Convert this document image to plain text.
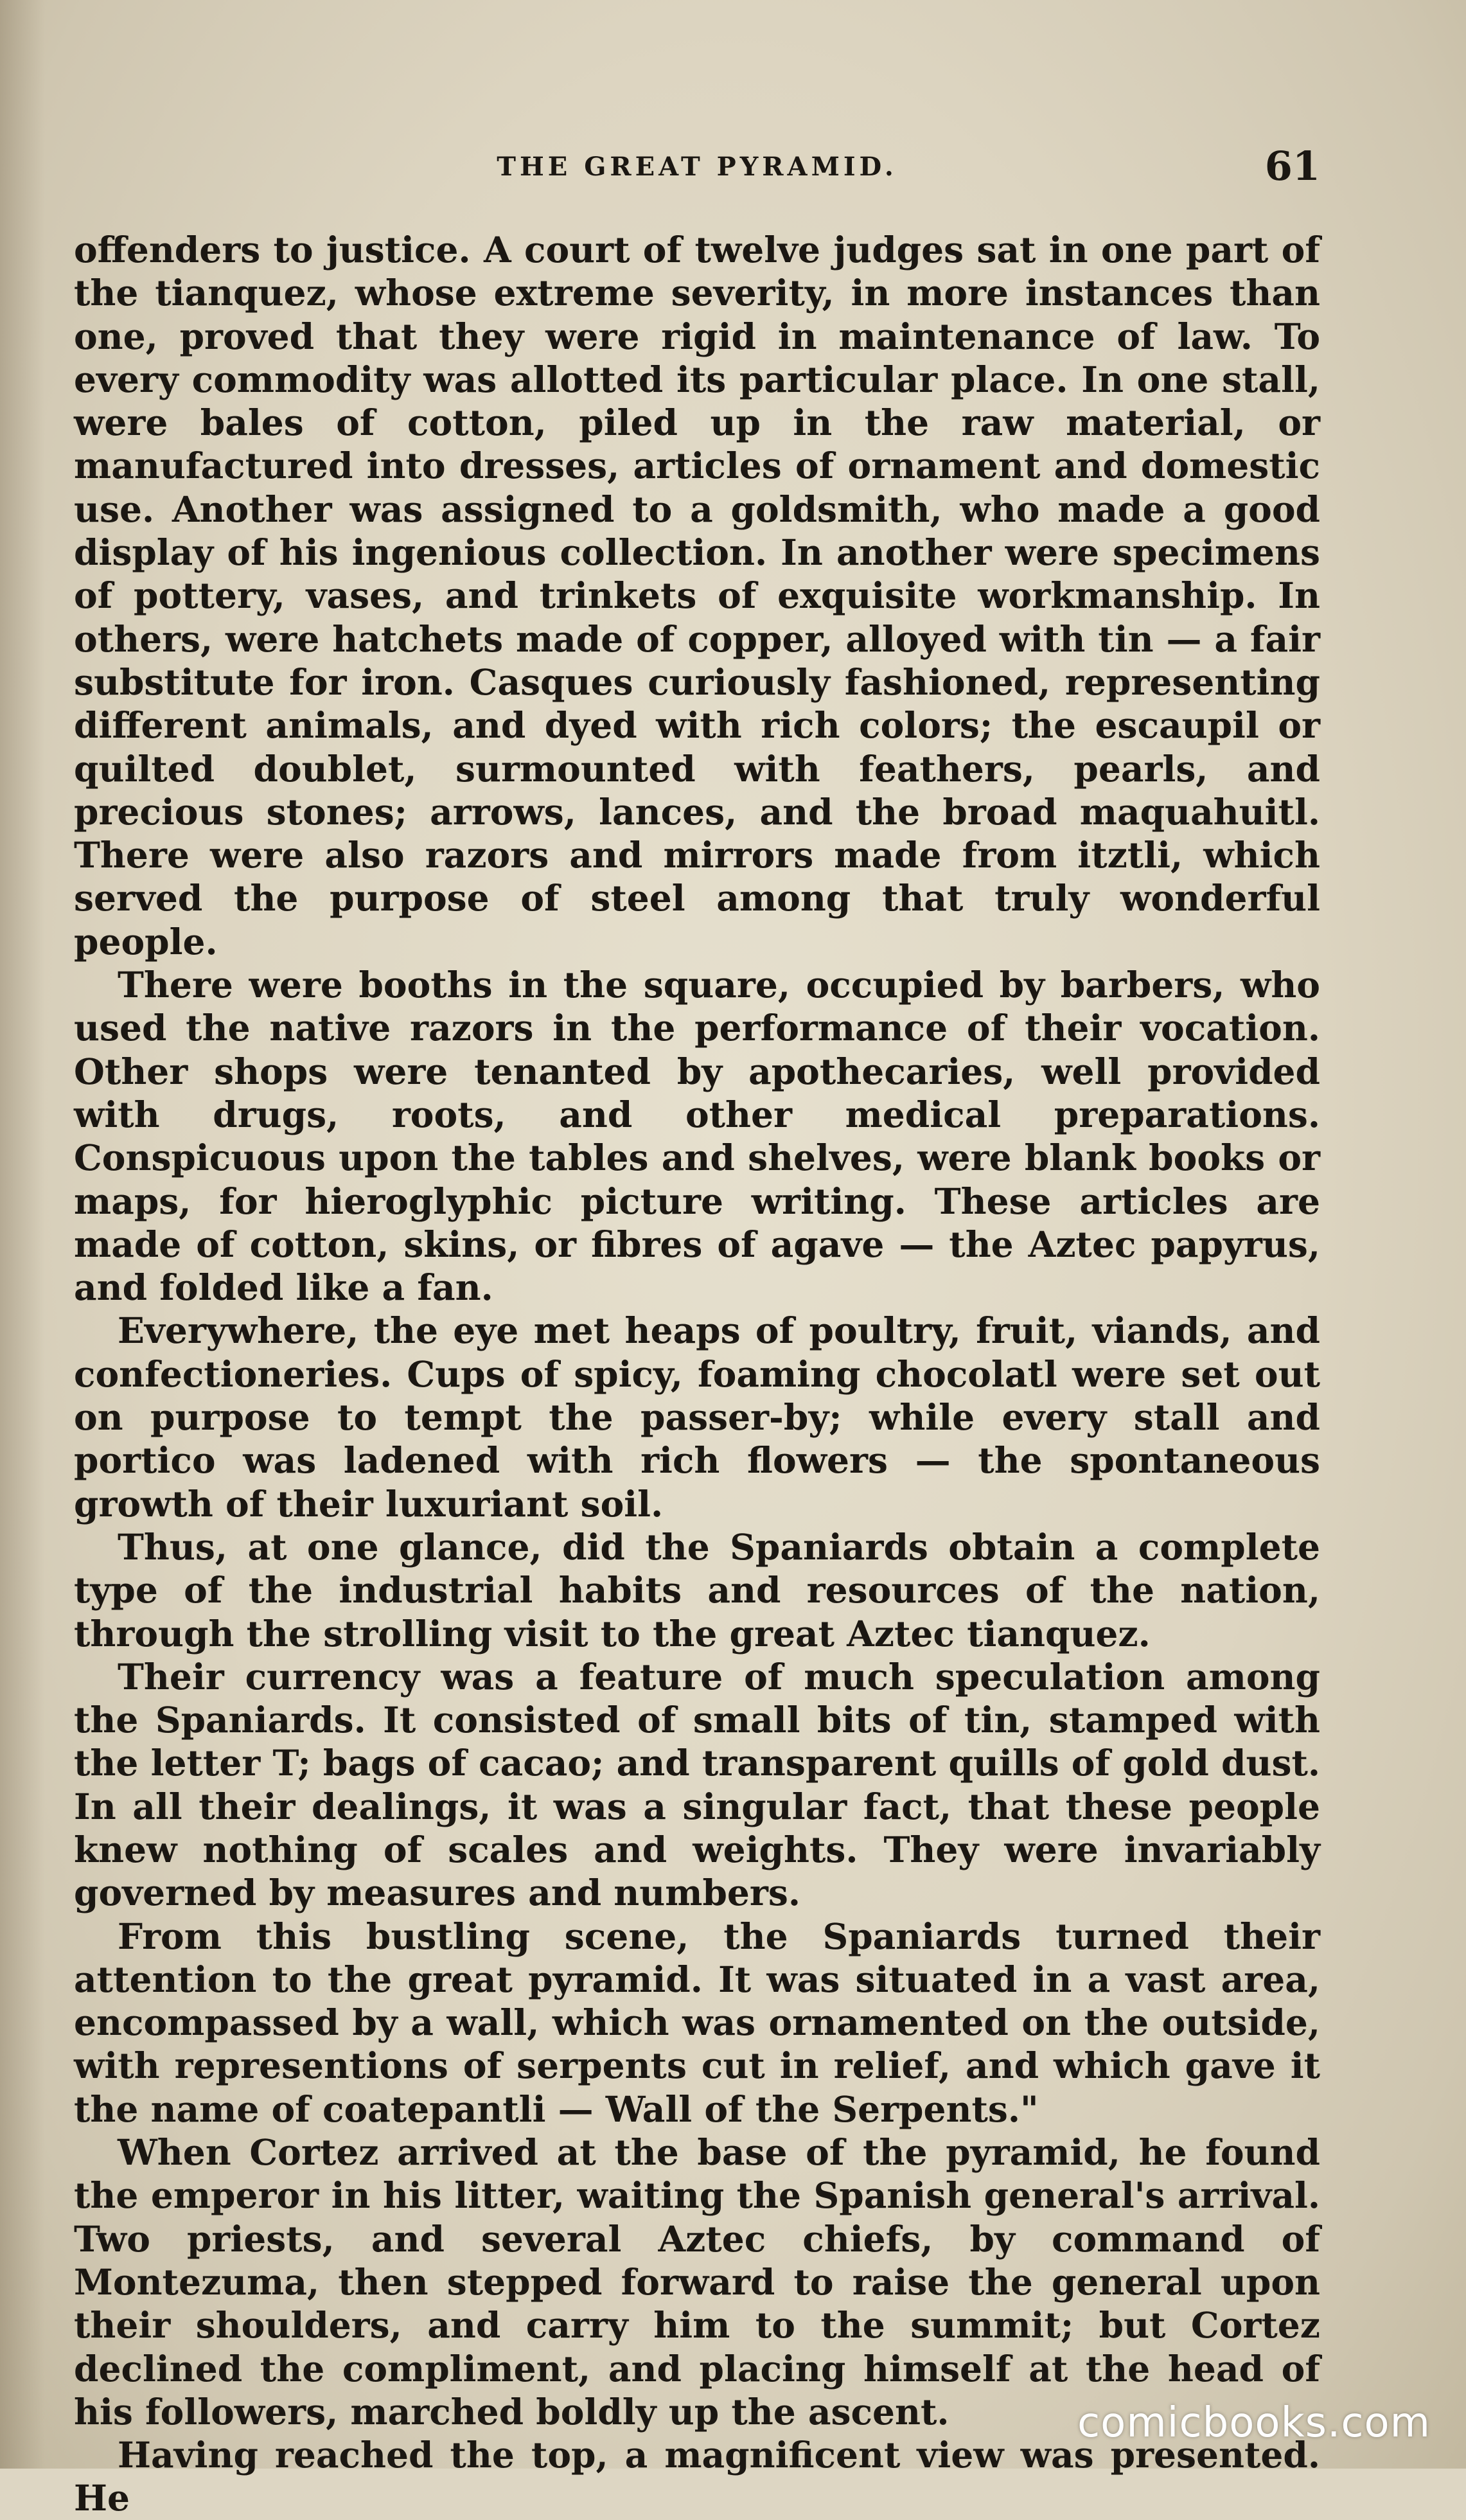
THE GREAT PYRAMID.	61

offenders to justice. A court of twelve judges sat in one part of the tianquez, whose extreme severity, in more instances than one, proved that they were rigid in maintenance of law. To every commodity was allotted its particular place. In one stall, were bales of cotton, piled up in the raw material, or manufactured into dresses, articles of ornament and domestic use. Another was assigned to a goldsmith, who made a good display of his ingenious collection. In another were specimens of pottery, vases, and trinkets of exquisite workmanship. In others, were hatchets made of copper, alloyed with tin — a fair substitute for iron. Casques curiously fashioned, representing different animals, and dyed with rich colors; the escaupil or quilted doublet, surmounted with feathers, pearls, and precious stones; arrows, lances, and the broad maquahuitl. There were also razors and mirrors made from itztli, which served the purpose of steel among that truly wonderful people.

There were booths in the square, occupied by barbers, who used the native razors in the performance of their vocation. Other shops were tenanted by apothecaries, well provided with drugs, roots, and other medical preparations. Conspicuous upon the tables and shelves, were blank books or maps, for hieroglyphic picture writing. These articles are made of cotton, skins, or fibres of agave — the Aztec papyrus, and folded like a fan.

Everywhere, the eye met heaps of poultry, fruit, viands, and confectioneries. Cups of spicy, foaming chocolatl were set out on purpose to tempt the passer-by; while every stall and portico was ladened with rich flowers — the spontaneous growth of their luxuriant soil.

Thus, at one glance, did the Spaniards obtain a complete type of the industrial habits and resources of the nation, through the strolling visit to the great Aztec tianquez.

Their currency was a feature of much speculation among the Spaniards. It consisted of small bits of tin, stamped with the letter T; bags of cacao; and transparent quills of gold dust. In all their dealings, it was a singular fact, that these people knew nothing of scales and weights. They were invariably governed by measures and numbers.

From this bustling scene, the Spaniards turned their attention to the great pyramid. It was situated in a vast area, encompassed by a wall, which was ornamented on the outside, with representions of serpents cut in relief, and which gave it the name of coatepantli — Wall of the Serpents."

When Cortez arrived at the base of the pyramid, he found the emperor in his litter, waiting the Spanish general's arrival. Two priests, and several Aztec chiefs, by command of Montezuma, then stepped forward to raise the general upon their shoulders, and carry him to the summit; but Cortez declined the compliment, and placing himself at the head of his followers, marched boldly up the ascent.

Having reached the top, a magnificent view was presented. He

comicbooks.com
